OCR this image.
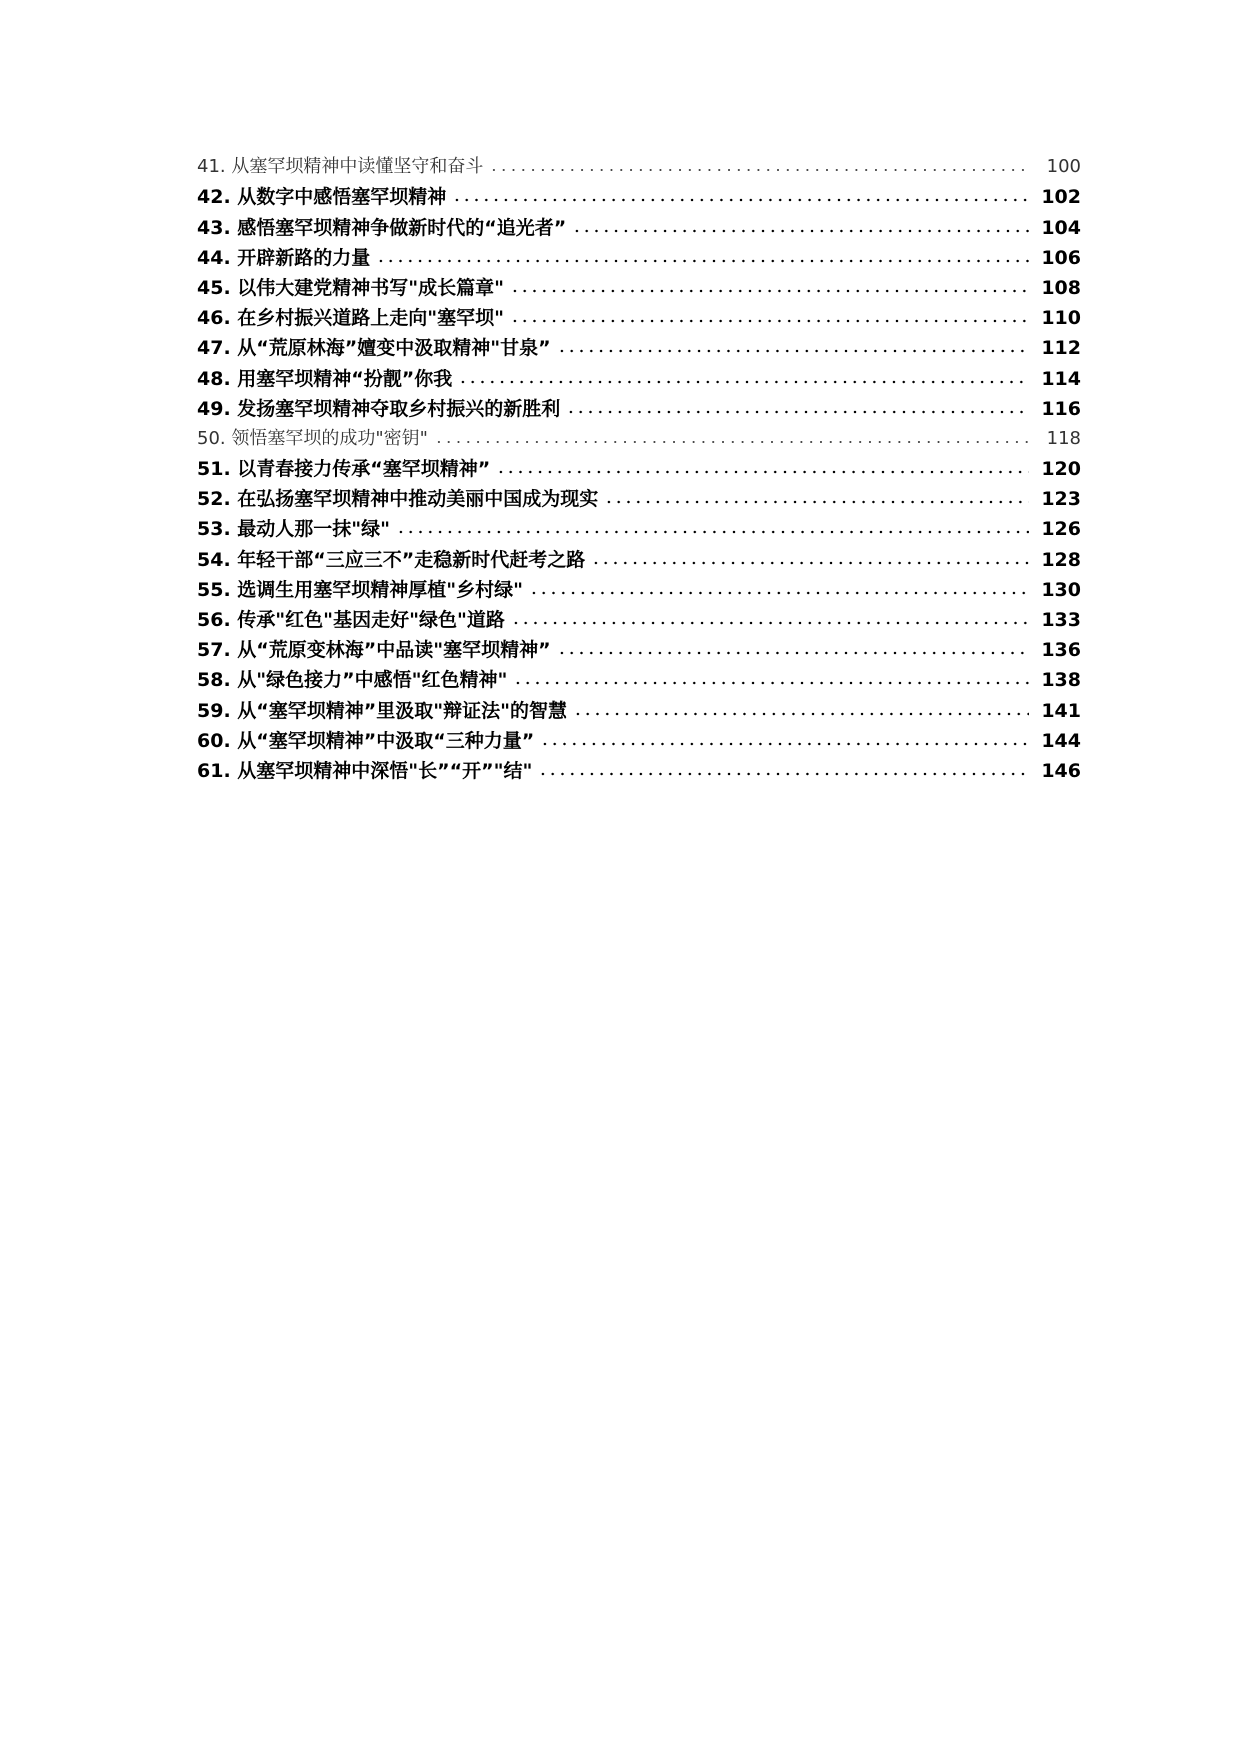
41. 从塞罕坝精神中读懂坚守和奋斗	100
42. 从数字中感悟塞罕坝精神	102
43. 感悟塞罕坝精神争做新时代的“追光者”	104
44. 开辟新路的力量	106
45. 以伟大建党精神书写"成长篇章"	108
46. 在乡村振兴道路上走向"塞罕坝"	110
47. 从“荒原林海”嬗变中汲取精神"甘泉”	112
48. 用塞罕坝精神“扮靓”你我	114
49. 发扬塞罕坝精神夺取乡村振兴的新胜利	116
50. 领悟塞罕坝的成功"密钥"	118
51. 以青春接力传承“塞罕坝精神”	120
52. 在弘扬塞罕坝精神中推动美丽中国成为现实	123
53. 最动人那一抹"绿"	126
54. 年轻干部“三应三不”走稳新时代赶考之路	128
55. 选调生用塞罕坝精神厚植"乡村绿"	130
56. 传承"红色"基因走好"绿色"道路	133
57. 从“荒原变林海”中品读"塞罕坝精神”	136
58. 从"绿色接力”中感悟"红色精神"	138
59. 从“塞罕坝精神”里汲取"辩证法"的智慧	141
60. 从“塞罕坝精神”中汲取“三种力量”	144
61. 从塞罕坝精神中深悟"长”“开”"结"	146
